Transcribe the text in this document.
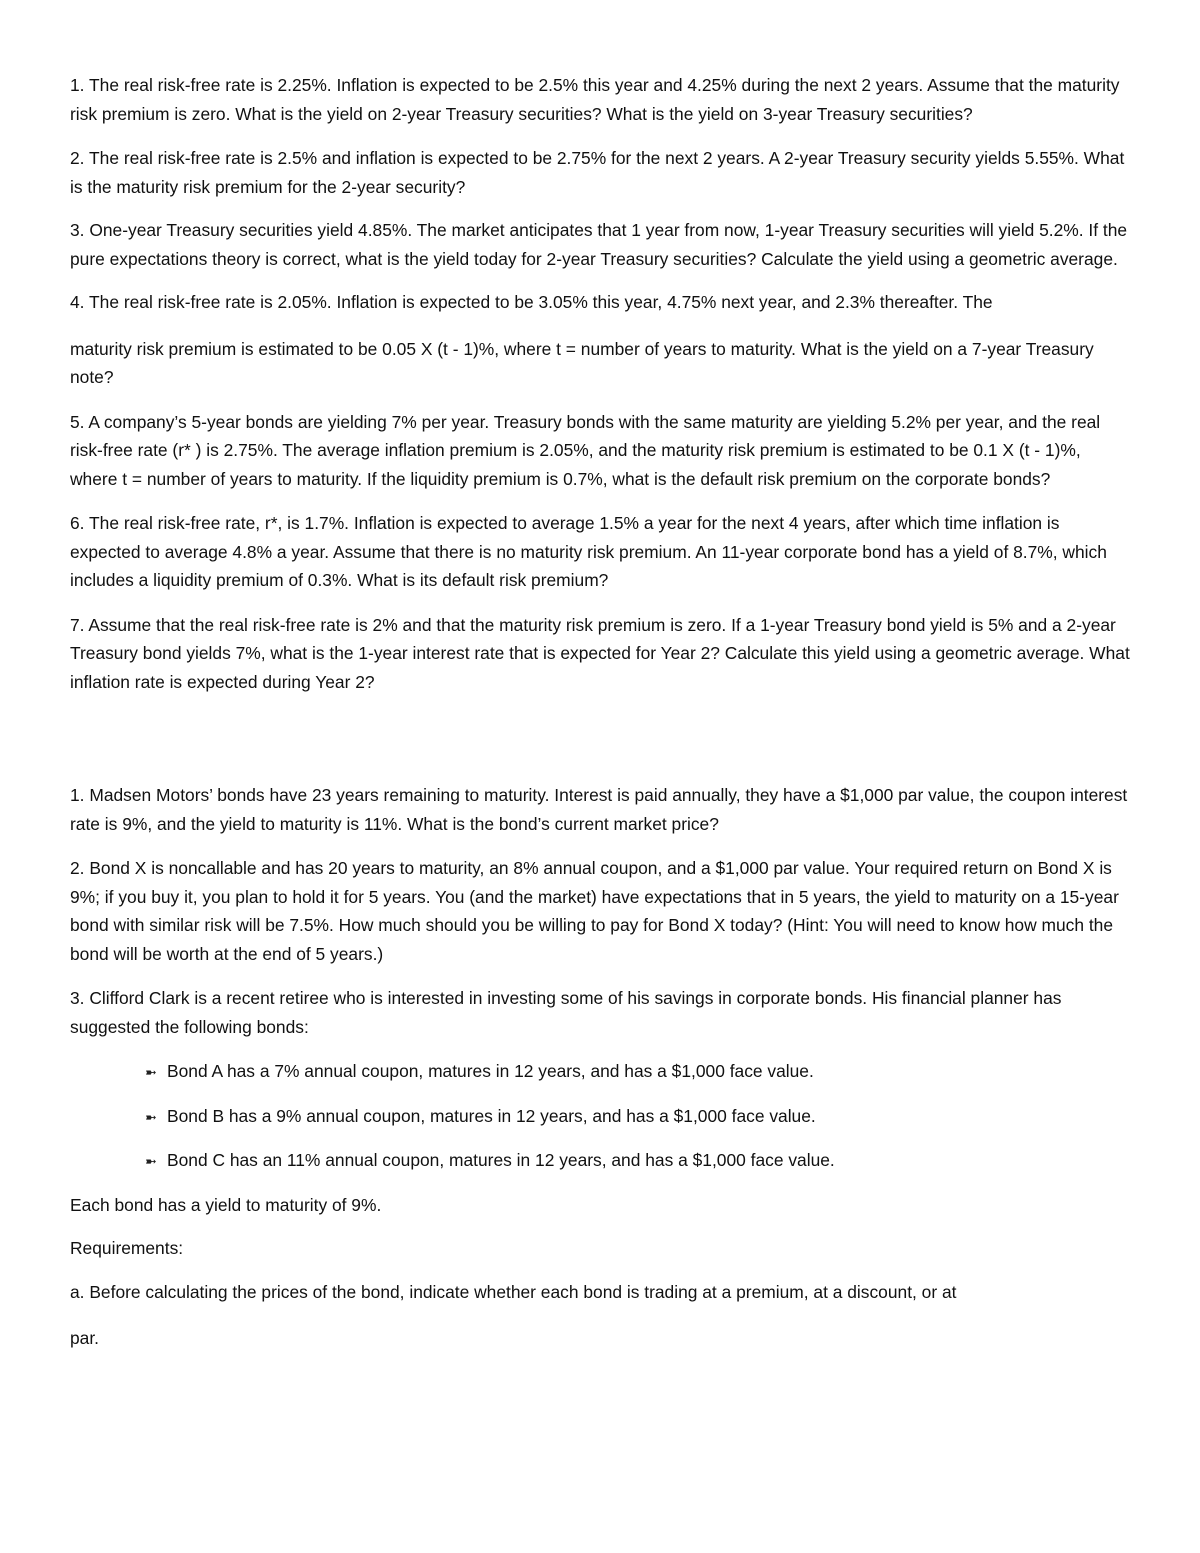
1. The real risk-free rate is 2.25%. Inflation is expected to be 2.5% this year and 4.25% during the next 2 years. Assume that the maturity risk premium is zero. What is the yield on 2-year Treasury securities? What is the yield on 3-year Treasury securities?

2. The real risk-free rate is 2.5% and inflation is expected to be 2.75% for the next 2 years. A 2-year Treasury security yields 5.55%. What is the maturity risk premium for the 2-year security?

3. One-year Treasury securities yield 4.85%. The market anticipates that 1 year from now, 1-year Treasury securities will yield 5.2%. If the pure expectations theory is correct, what is the yield today for 2-year Treasury securities? Calculate the yield using a geometric average.

4. The real risk-free rate is 2.05%. Inflation is expected to be 3.05% this year, 4.75% next year, and 2.3% thereafter. The

maturity risk premium is estimated to be 0.05 X (t - 1)%, where t = number of years to maturity. What is the yield on a 7-year Treasury note?

5. A company’s 5-year bonds are yielding 7% per year. Treasury bonds with the same maturity are yielding 5.2% per year, and the real risk-free rate (r* ) is 2.75%. The average inflation premium is 2.05%, and the maturity risk premium is estimated to be 0.1 X (t - 1)%, where t = number of years to maturity. If the liquidity premium is 0.7%, what is the default risk premium on the corporate bonds?

6. The real risk-free rate, r*, is 1.7%. Inflation is expected to average 1.5% a year for the next 4 years, after which time inflation is expected to average 4.8% a year. Assume that there is no maturity risk premium. An 11-year corporate bond has a yield of 8.7%, which includes a liquidity premium of 0.3%. What is its default risk premium?

7. Assume that the real risk-free rate is 2% and that the maturity risk premium is zero. If a 1-year Treasury bond yield is 5% and a 2-year Treasury bond yields 7%, what is the 1-year interest rate that is expected for Year 2? Calculate this yield using a geometric average. What inflation rate is expected during Year 2?

1. Madsen Motors’ bonds have 23 years remaining to maturity. Interest is paid annually, they have a $1,000 par value, the coupon interest rate is 9%, and the yield to maturity is 11%. What is the bond’s current market price?

2. Bond X is noncallable and has 20 years to maturity, an 8% annual coupon, and a $1,000 par value. Your required return on Bond X is 9%; if you buy it, you plan to hold it for 5 years. You (and the market) have expectations that in 5 years, the yield to maturity on a 15-year bond with similar risk will be 7.5%. How much should you be willing to pay for Bond X today? (Hint: You will need to know how much the bond will be worth at the end of 5 years.)

3. Clifford Clark is a recent retiree who is interested in investing some of his savings in corporate bonds. His financial planner has suggested the following bonds:

➼ Bond A has a 7% annual coupon, matures in 12 years, and has a $1,000 face value.
➼ Bond B has a 9% annual coupon, matures in 12 years, and has a $1,000 face value.
➼ Bond C has an 11% annual coupon, matures in 12 years, and has a $1,000 face value.

Each bond has a yield to maturity of 9%.

Requirements:

a. Before calculating the prices of the bond, indicate whether each bond is trading at a premium, at a discount, or at

par.
